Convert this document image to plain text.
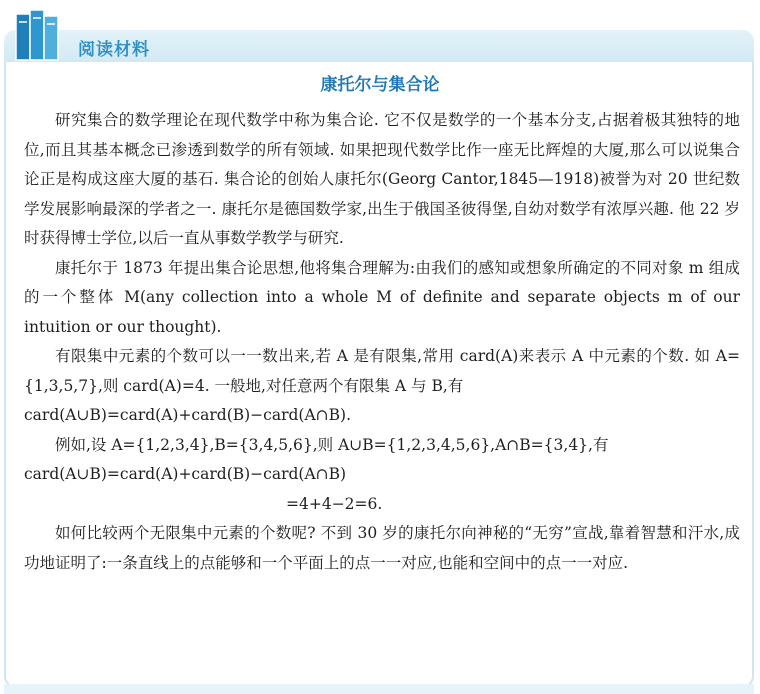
阅读材料
康托尔与集合论

研究集合的数学理论在现代数学中称为集合论. 它不仅是数学的一个基本分支,占据着极其独特的地位,而且其基本概念已渗透到数学的所有领域. 如果把现代数学比作一座无比辉煌的大厦,那么可以说集合论正是构成这座大厦的基石. 集合论的创始人康托尔(Georg Cantor,1845—1918)被誉为对 20 世纪数学发展影响最深的学者之一. 康托尔是德国数学家,出生于俄国圣彼得堡,自幼对数学有浓厚兴趣. 他 22 岁时获得博士学位,以后一直从事数学教学与研究.

康托尔于 1873 年提出集合论思想,他将集合理解为:由我们的感知或想象所确定的不同对象 m 组成的一个整体 M(any collection into a whole M of definite and separate objects m of our intuition or our thought).

有限集中元素的个数可以一一数出来,若 A 是有限集,常用 card(A)来表示 A 中元素的个数. 如 A={1,3,5,7},则 card(A)=4. 一般地,对任意两个有限集 A 与 B,有

card(A∪B)=card(A)+card(B)−card(A∩B).

例如,设 A={1,2,3,4},B={3,4,5,6},则 A∪B={1,2,3,4,5,6},A∩B={3,4},有

card(A∪B)=card(A)+card(B)−card(A∩B)

=4+4−2=6.

如何比较两个无限集中元素的个数呢? 不到 30 岁的康托尔向神秘的“无穷”宣战,靠着智慧和汗水,成功地证明了:一条直线上的点能够和一个平面上的点一一对应,也能和空间中的点一一对应.
